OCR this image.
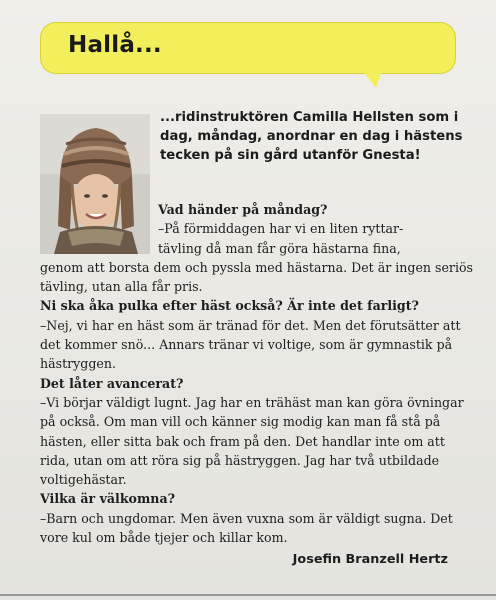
Hallå...
...ridinstruktören Camilla Hellsten som i dag, måndag, anordnar en dag i hästens tecken på sin gård utanför Gnesta!

Vad händer på måndag?

–På förmiddagen har vi en liten ryttar-
tävling då man får göra hästarna fina,

genom att borsta dem och pyssla med hästarna. Det är ingen seriös tävling, utan alla får pris.

Ni ska åka pulka efter häst också? Är inte det farligt?

–Nej, vi har en häst som är tränad för det. Men det förutsätter att det kommer snö... Annars tränar vi voltige, som är gymnastik på hästryggen.

Det låter avancerat?

–Vi börjar väldigt lugnt. Jag har en trähäst man kan göra övningar på också. Om man vill och känner sig modig kan man få stå på hästen, eller sitta bak och fram på den. Det handlar inte om att rida, utan om att röra sig på hästryggen. Jag har två utbildade voltigehästar.

Vilka är välkomna?

–Barn och ungdomar. Men även vuxna som är väldigt sugna. Det vore kul om både tjejer och killar kom.

Josefin Branzell Hertz
